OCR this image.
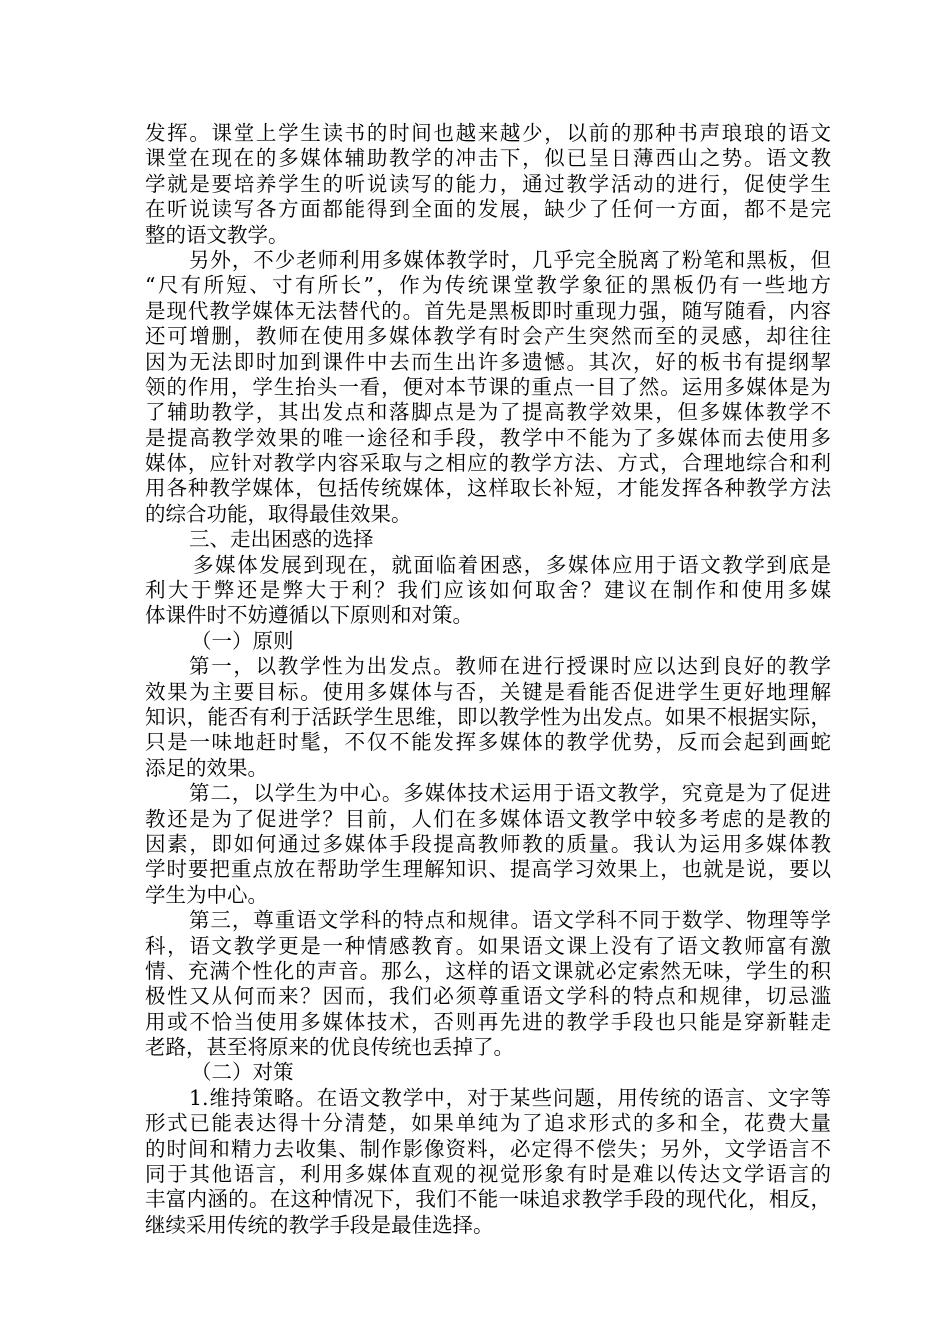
发挥。课堂上学生读书的时间也越来越少，以前的那种书声琅琅的语文
课堂在现在的多媒体辅助教学的冲击下，似已呈日薄西山之势。语文教
学就是要培养学生的听说读写的能力，通过教学活动的进行，促使学生
在听说读写各方面都能得到全面的发展，缺少了任何一方面，都不是完
整的语文教学。
另外，不少老师利用多媒体教学时，几乎完全脱离了粉笔和黑板，但
“尺有所短、寸有所长”，作为传统课堂教学象征的黑板仍有一些地方
是现代教学媒体无法替代的。首先是黑板即时重现力强，随写随看，内容
还可增删，教师在使用多媒体教学有时会产生突然而至的灵感，却往往
因为无法即时加到课件中去而生出许多遗憾。其次，好的板书有提纲挈
领的作用，学生抬头一看，便对本节课的重点一目了然。运用多媒体是为
了辅助教学，其出发点和落脚点是为了提高教学效果，但多媒体教学不
是提高教学效果的唯一途径和手段，教学中不能为了多媒体而去使用多
媒体，应针对教学内容采取与之相应的教学方法、方式，合理地综合和利
用各种教学媒体，包括传统媒体，这样取长补短，才能发挥各种教学方法
的综合功能，取得最佳效果。
三、走出困惑的选择
多媒体发展到现在，就面临着困惑，多媒体应用于语文教学到底是
利大于弊还是弊大于利？我们应该如何取舍？建议在制作和使用多媒
体课件时不妨遵循以下原则和对策。
（一）原则
第一，以教学性为出发点。教师在进行授课时应以达到良好的教学
效果为主要目标。使用多媒体与否，关键是看能否促进学生更好地理解
知识，能否有利于活跃学生思维，即以教学性为出发点。如果不根据实际，
只是一味地赶时髦，不仅不能发挥多媒体的教学优势，反而会起到画蛇
添足的效果。
第二，以学生为中心。多媒体技术运用于语文教学，究竟是为了促进
教还是为了促进学？目前，人们在多媒体语文教学中较多考虑的是教的
因素，即如何通过多媒体手段提高教师教的质量。我认为运用多媒体教
学时要把重点放在帮助学生理解知识、提高学习效果上，也就是说，要以
学生为中心。
第三，尊重语文学科的特点和规律。语文学科不同于数学、物理等学
科，语文教学更是一种情感教育。如果语文课上没有了语文教师富有激
情、充满个性化的声音。那么，这样的语文课就必定索然无味，学生的积
极性又从何而来？因而，我们必须尊重语文学科的特点和规律，切忌滥
用或不恰当使用多媒体技术，否则再先进的教学手段也只能是穿新鞋走
老路，甚至将原来的优良传统也丢掉了。
（二）对策
1.维持策略。在语文教学中，对于某些问题，用传统的语言、文字等
形式已能表达得十分清楚，如果单纯为了追求形式的多和全，花费大量
的时间和精力去收集、制作影像资料，必定得不偿失；另外，文学语言不
同于其他语言，利用多媒体直观的视觉形象有时是难以传达文学语言的
丰富内涵的。在这种情况下，我们不能一味追求教学手段的现代化，相反，
继续采用传统的教学手段是最佳选择。
